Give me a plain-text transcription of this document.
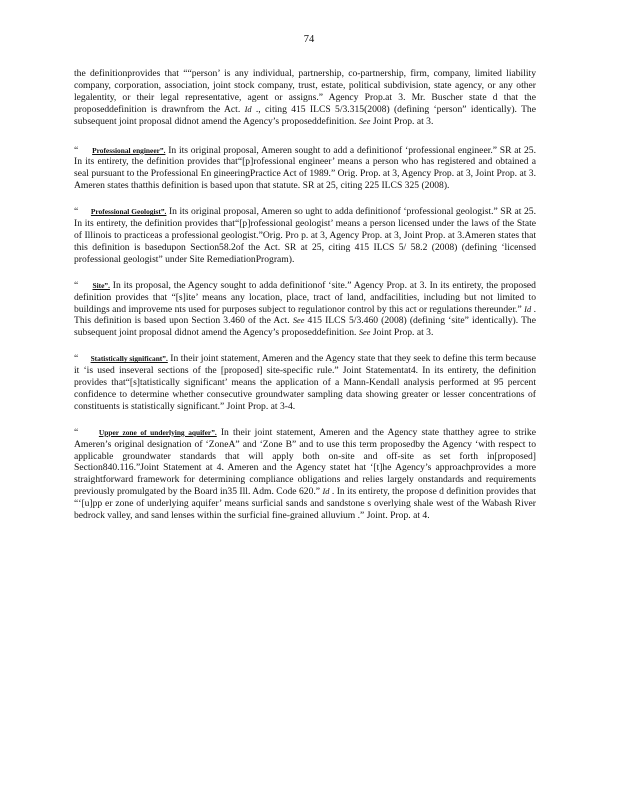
74

the definitionprovides that ““person’ is any individual, partnership, co-partnership, firm, company, limited liability company, corporation, association, joint stock company, trust, estate, political subdivision, state agency, or any other legalentity, or their legal representative, agent or assigns.” Agency Prop.at 3. Mr. Buscher state d that the proposeddefinition is drawnfrom the Act. Id ., citing 415 ILCS 5/3.315(2008) (defining ‘person” identically). The subsequent joint proposal didnot amend the Agency’s proposeddefinition. See Joint Prop. at 3.

“     Professional engineer”. In its original proposal, Ameren sought to add a definitionof ‘professional engineer.” SR at 25. In its entirety, the definition provides that“[p]rofessional engineer’ means a person who has registered and obtained a seal pursuant to the Professional En gineeringPractice Act of 1989.” Orig. Prop. at 3, Agency Prop. at 3, Joint Prop. at 3. Ameren states thatthis definition is based upon that statute. SR at 25, citing 225 ILCS 325 (2008).

“     Professional Geologist”. In its original proposal, Ameren so ught to adda definitionof ‘professional geologist.” SR at 25. In its entirety, the definition provides that“[p]rofessional geologist’ means a person licensed under the laws of the State of Illinois to practiceas a professional geologist.”Orig. Pro p. at 3, Agency Prop. at 3, Joint Prop. at 3.Ameren states that this definition is basedupon Section58.2of the Act. SR at 25, citing 415 ILCS 5/ 58.2 (2008) (defining ‘licensed professional geologist” under Site RemediationProgram).

“     Site”. In its proposal, the Agency sought to adda definitionof ‘site.” Agency Prop. at 3. In its entirety, the proposed definition provides that “[s]ite’ means any location, place, tract of land, andfacilities, including but not limited to buildings and improveme nts used for purposes subject to regulationor control by this act or regulations thereunder.” Id . This definition is based upon Section 3.460 of the Act. See 415 ILCS 5/3.460 (2008) (defining ‘site” identically). The subsequent joint proposal didnot amend the Agency’s proposeddefinition. See Joint Prop. at 3.

“     Statistically significant”. In their joint statement, Ameren and the Agency state that they seek to define this term because it ‘is used inseveral sections of the [proposed] site-specific rule.” Joint Statementat4. In its entirety, the definition provides that“[s]tatistically significant’ means the application of a Mann-Kendall analysis performed at 95 percent confidence to determine whether consecutive groundwater sampling data showing greater or lesser concentrations of constituents is statistically significant.” Joint Prop. at 3-4.

“     Upper zone of underlying aquifer”. In their joint statement, Ameren and the Agency state thatthey agree to strike Ameren’s original designation of ‘ZoneA” and ‘Zone B” and to use this term proposedby the Agency ‘with respect to applicable groundwater standards that will apply both on-site and off-site as set forth in[proposed] Section840.116.”Joint Statement at 4. Ameren and the Agency statet hat ‘[t]he Agency’s approachprovides a more straightforward framework for determining compliance obligations and relies largely onstandards and requirements previously promulgated by the Board in35 Ill. Adm. Code 620.” Id . In its entirety, the propose d definition provides that “‘[u]pp er zone of underlying aquifer’ means surficial sands and sandstone s overlying shale west of the Wabash River bedrock valley, and sand lenses within the surficial fine-grained alluvium .” Joint. Prop. at 4.
